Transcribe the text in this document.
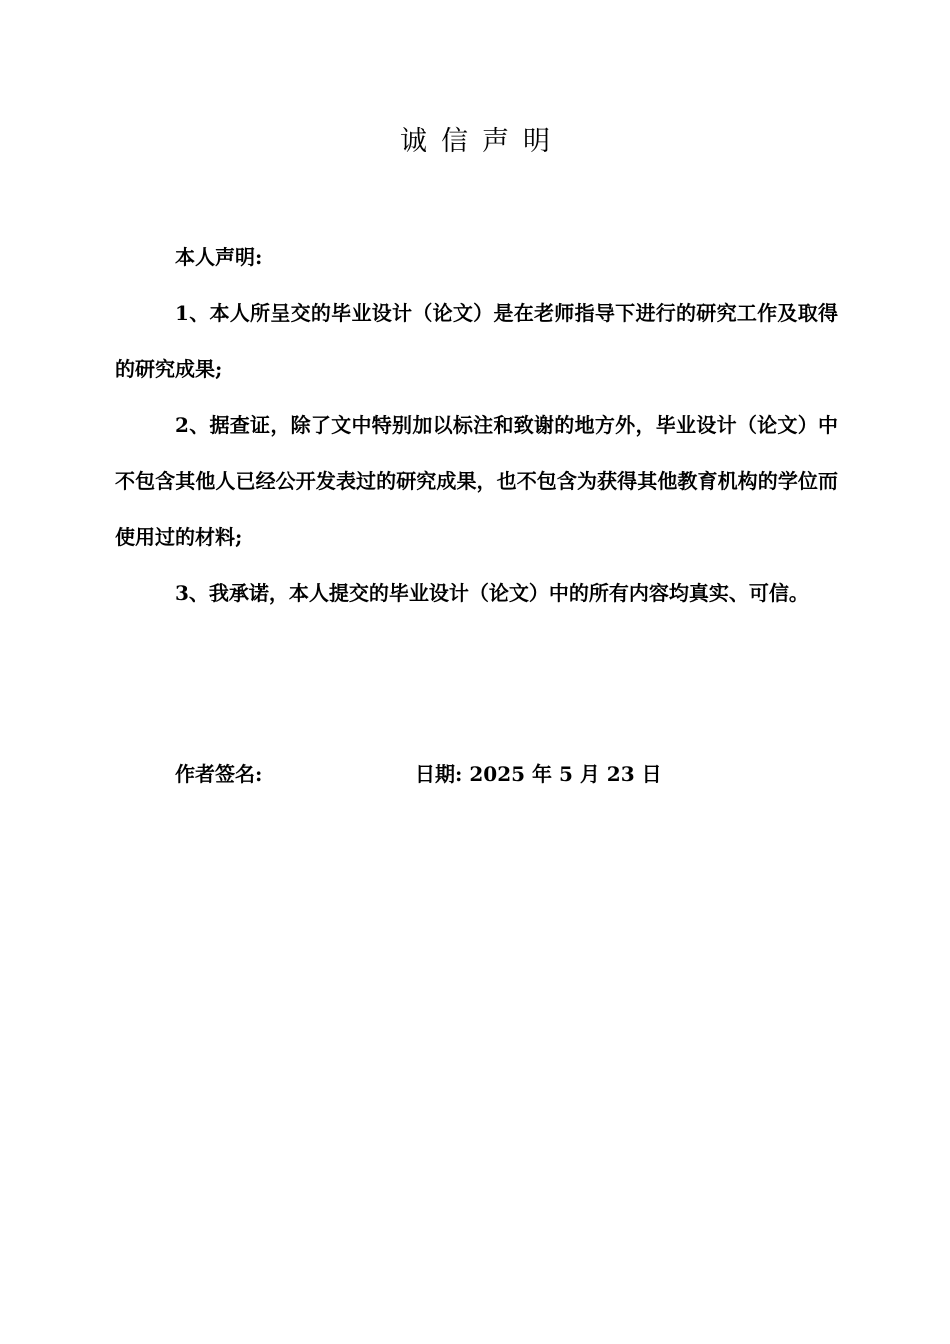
诚信声明

本人声明:

1、本人所呈交的毕业设计（论文）是在老师指导下进行的研究工作及取得的研究成果;

2、据查证，除了文中特别加以标注和致谢的地方外，毕业设计（论文）中不包含其他人已经公开发表过的研究成果，也不包含为获得其他教育机构的学位而使用过的材料;

3、我承诺，本人提交的毕业设计（论文）中的所有内容均真实、可信。

作者签名:	日期: 2025 年 5 月 23 日
